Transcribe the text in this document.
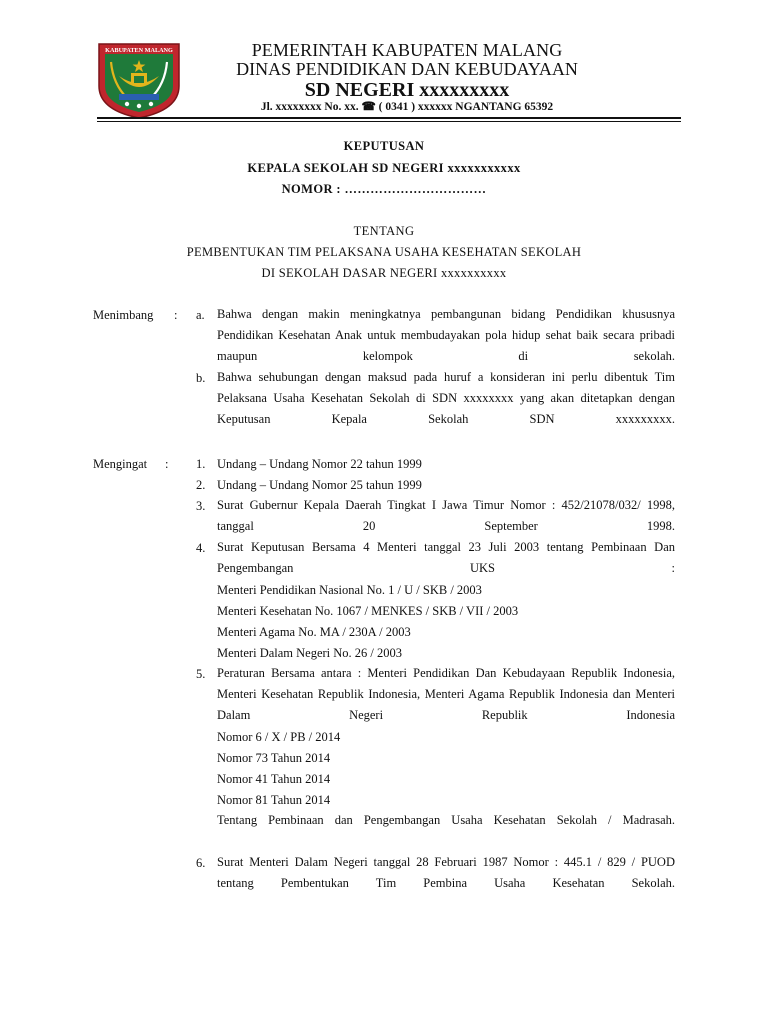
KABUPATEN MALANG	PEMERINTAH KABUPATEN MALANG
DINAS PENDIDIKAN DAN KEBUDAYAAN
SD NEGERI xxxxxxxxx
Jl. xxxxxxxx No. xx. ☎ ( 0341 ) xxxxxx NGANTANG 65392
KEPUTUSAN
KEPALA SEKOLAH SD NEGERI xxxxxxxxxxx
NOMOR : ……………………………
TENTANG
PEMBENTUKAN TIM PELAKSANA USAHA KESEHATAN SEKOLAH
DI SEKOLAH DASAR NEGERI xxxxxxxxxx
Menimbang : a. Bahwa dengan makin meningkatnya pembangunan bidang Pendidikan khususnya Pendidikan Kesehatan Anak untuk membudayakan pola hidup sehat baik secara pribadi maupun kelompok di sekolah.
b. Bahwa sehubungan dengan maksud pada huruf a konsideran ini perlu dibentuk Tim Pelaksana Usaha Kesehatan Sekolah di SDN xxxxxxxx yang akan ditetapkan dengan Keputusan Kepala Sekolah SDN xxxxxxxxx.
Mengingat : 1. Undang – Undang Nomor 22 tahun 1999
2. Undang – Undang Nomor 25 tahun 1999
3. Surat Gubernur Kepala Daerah Tingkat I Jawa Timur Nomor : 452/21078/032/ 1998, tanggal 20 September 1998.
4. Surat Keputusan Bersama 4 Menteri tanggal 23 Juli 2003 tentang Pembinaan Dan Pengembangan UKS :
Menteri Pendidikan Nasional No. 1 / U / SKB / 2003
Menteri Kesehatan No. 1067 / MENKES / SKB / VII / 2003
Menteri Agama No. MA / 230A / 2003
Menteri Dalam Negeri No. 26 / 2003
5. Peraturan Bersama antara : Menteri Pendidikan Dan Kebudayaan Republik Indonesia, Menteri Kesehatan Republik Indonesia, Menteri Agama Republik Indonesia dan Menteri Dalam Negeri Republik Indonesia
Nomor 6 / X / PB / 2014
Nomor 73 Tahun 2014
Nomor 41 Tahun 2014
Nomor 81 Tahun 2014
Tentang Pembinaan dan Pengembangan Usaha Kesehatan Sekolah / Madrasah.
6. Surat Menteri Dalam Negeri tanggal 28 Februari 1987 Nomor : 445.1 / 829 / PUOD tentang Pembentukan Tim Pembina Usaha Kesehatan Sekolah.
